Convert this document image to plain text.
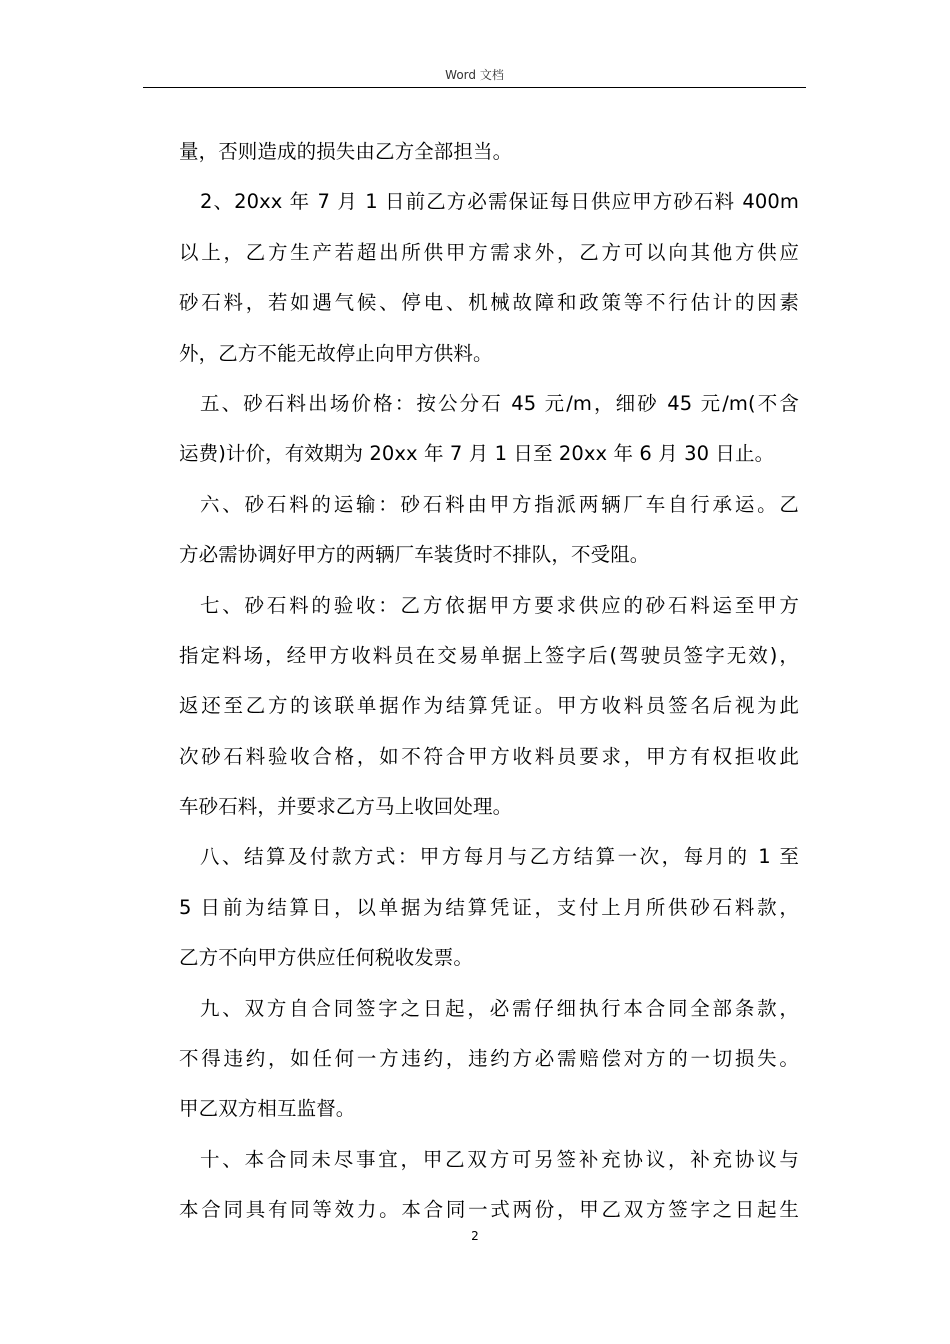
Word 文档
量，否则造成的损失由乙方全部担当。
2、20xx 年 7 月 1 日前乙方必需保证每日供应甲方砂石料 400m
以上，乙方生产若超出所供甲方需求外，乙方可以向其他方供应
砂石料，若如遇气候、停电、机械故障和政策等不行估计的因素
外，乙方不能无故停止向甲方供料。
五、砂石料出场价格：按公分石 45 元/m，细砂 45 元/m(不含
运费)计价，有效期为 20xx 年 7 月 1 日至 20xx 年 6 月 30 日止。
六、砂石料的运输：砂石料由甲方指派两辆厂车自行承运。乙
方必需协调好甲方的两辆厂车装货时不排队，不受阻。
七、砂石料的验收：乙方依据甲方要求供应的砂石料运至甲方
指定料场，经甲方收料员在交易单据上签字后(驾驶员签字无效)，
返还至乙方的该联单据作为结算凭证。甲方收料员签名后视为此
次砂石料验收合格，如不符合甲方收料员要求，甲方有权拒收此
车砂石料，并要求乙方马上收回处理。
八、结算及付款方式：甲方每月与乙方结算一次，每月的 1 至
5 日前为结算日，以单据为结算凭证，支付上月所供砂石料款，
乙方不向甲方供应任何税收发票。
九、双方自合同签字之日起，必需仔细执行本合同全部条款，
不得违约，如任何一方违约，违约方必需赔偿对方的一切损失。
甲乙双方相互监督。
十、本合同未尽事宜，甲乙双方可另签补充协议，补充协议与
本合同具有同等效力。本合同一式两份，甲乙双方签字之日起生
2
